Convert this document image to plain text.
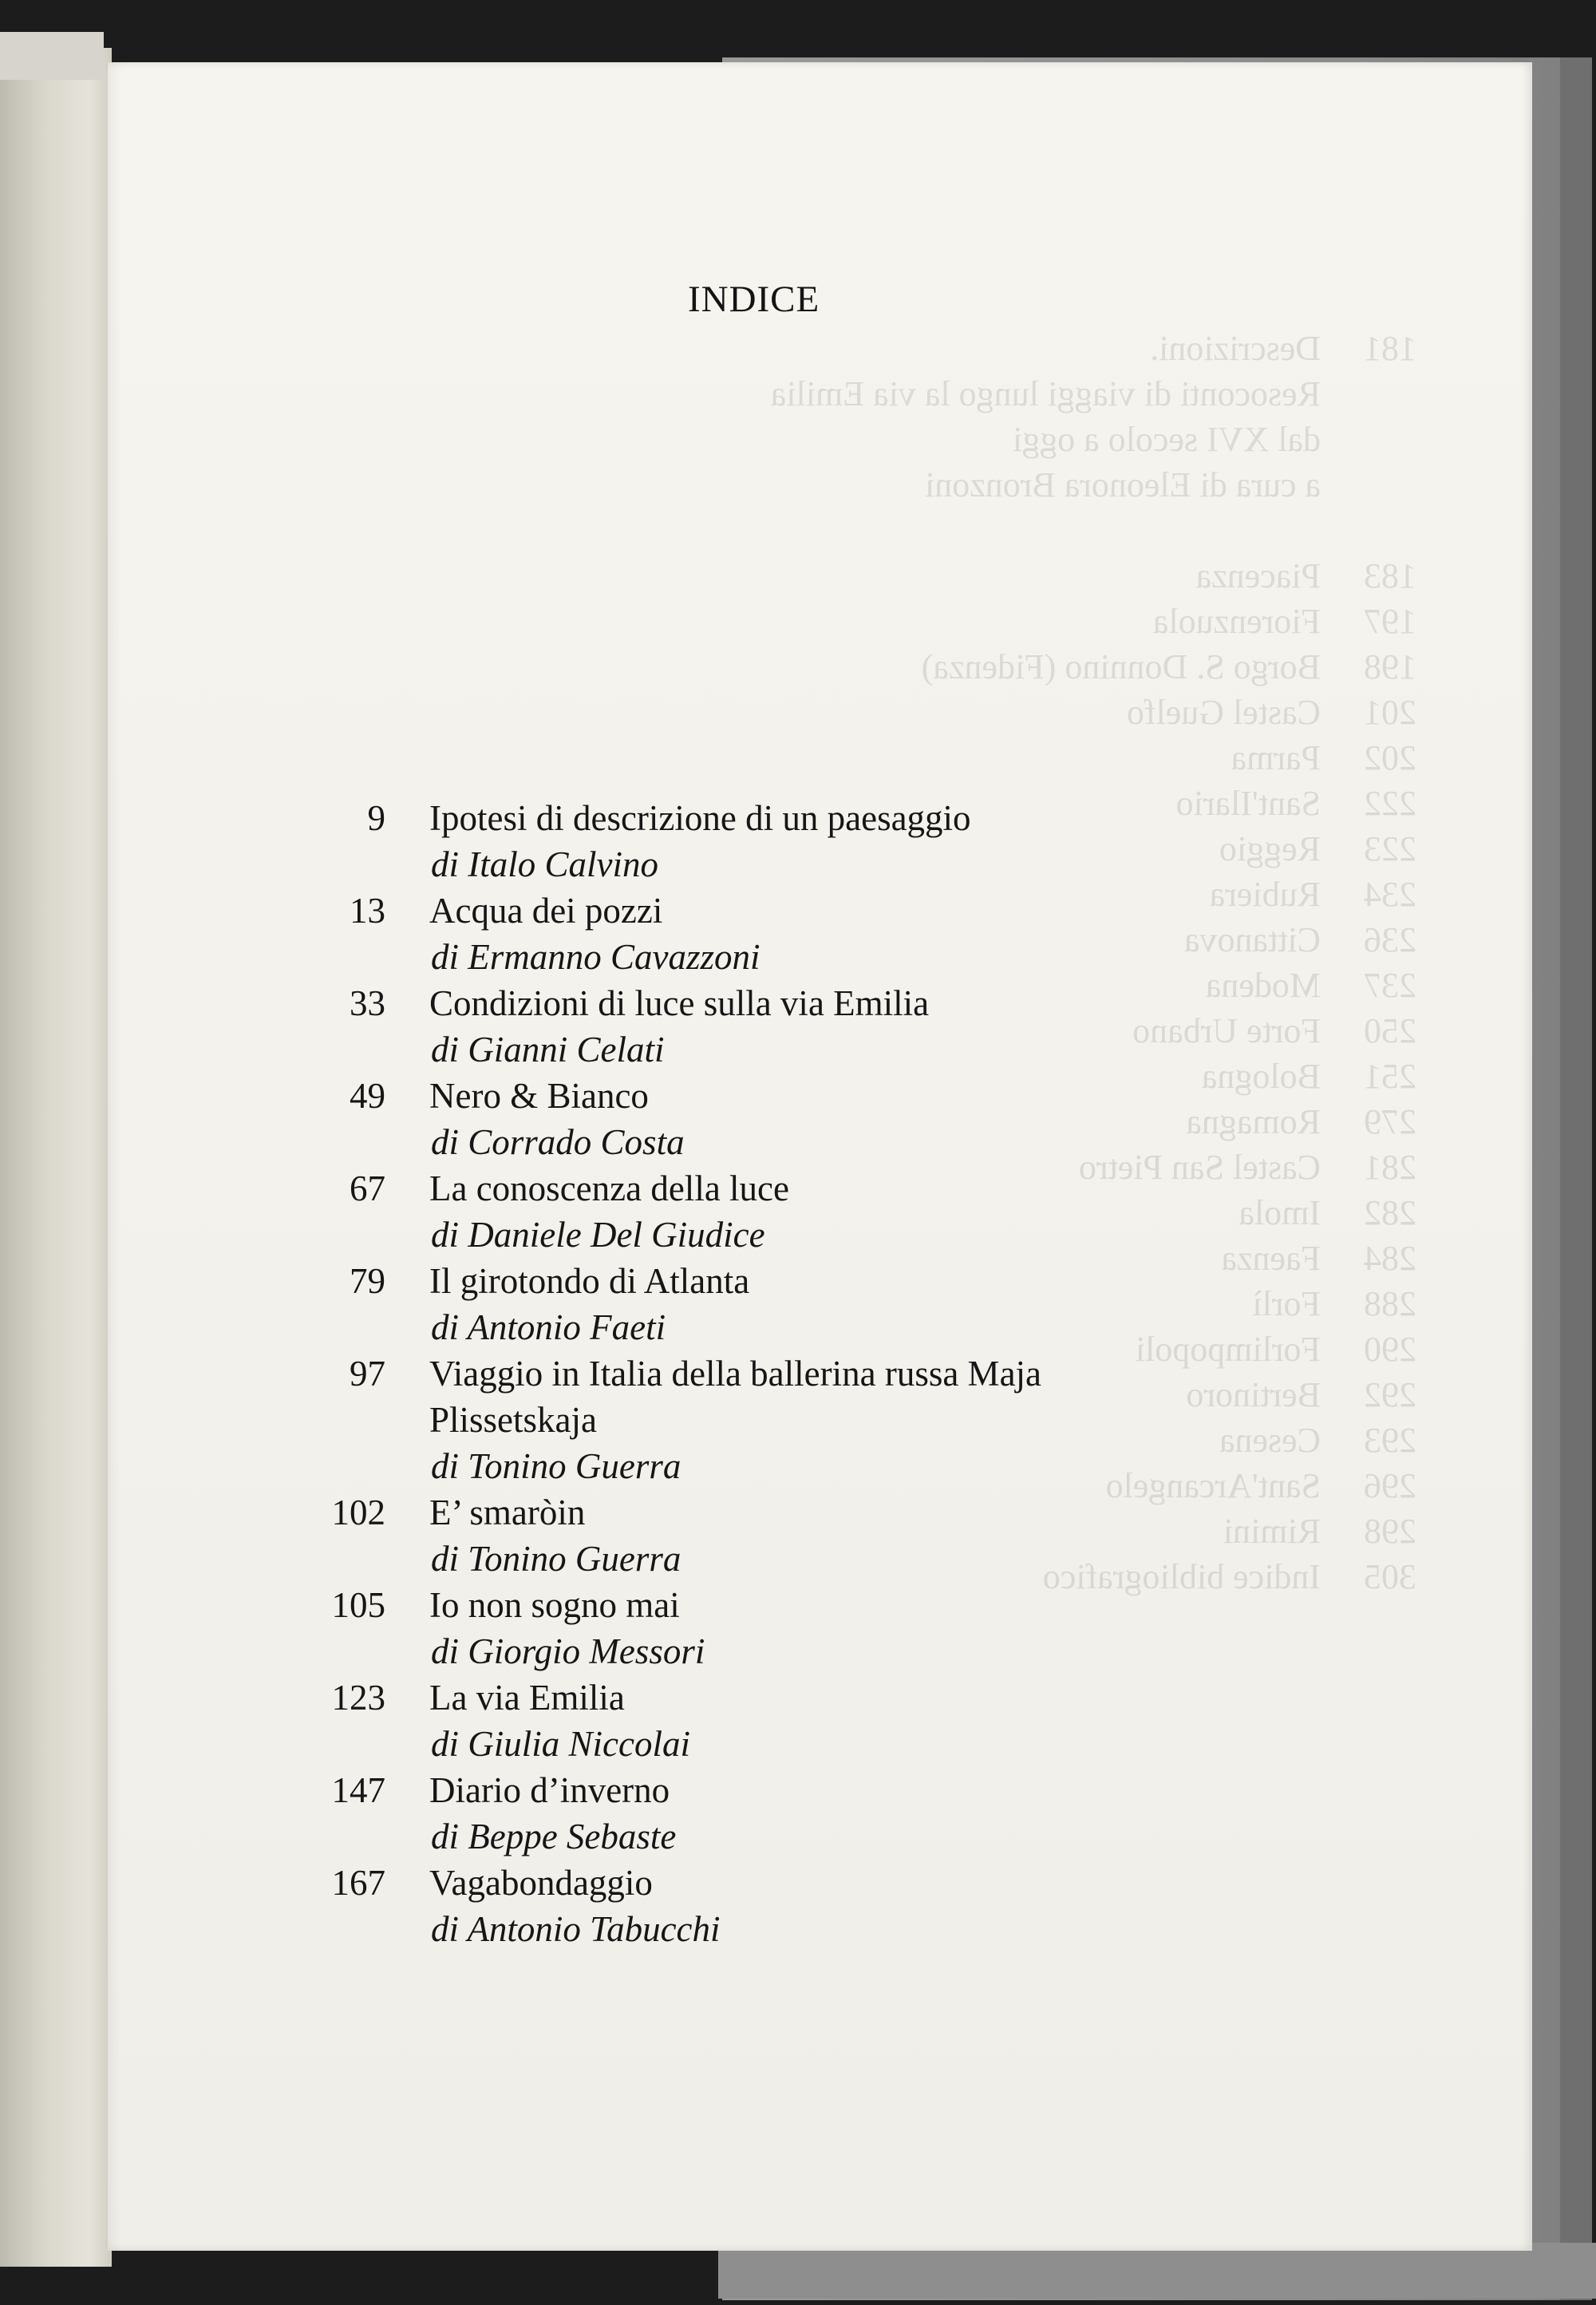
181
Descrizioni.
Resoconti di viaggi lungo la via Emilia
dal XVI secolo a oggi
a cura di Eleonora Bronzoni
183
Piacenza
197
Fiorenzuola
198
Borgo S. Donnino (Fidenza)
201
Castel Guelfo
202
Parma
222
Sant'Ilario
223
Reggio
234
Rubiera
236
Cittanova
237
Modena
250
Forte Urbano
251
Bologna
279
Romagna
281
Castel San Pietro
282
Imola
284
Faenza
288
Forlì
290
Forlimpopoli
292
Bertinoro
293
Cesena
296
Sant'Arcangelo
298
Rimini
305
Indice bibliografico
INDICE
9 Ipotesi di descrizione di un paesaggio
di Italo Calvino
13 Acqua dei pozzi
di Ermanno Cavazzoni
33 Condizioni di luce sulla via Emilia
di Gianni Celati
49 Nero & Bianco
di Corrado Costa
67 La conoscenza della luce
di Daniele Del Giudice
79 Il girotondo di Atlanta
di Antonio Faeti
97 Viaggio in Italia della ballerina russa Maja
Plissetskaja
di Tonino Guerra
102 E’ smaròin
di Tonino Guerra
105 Io non sogno mai
di Giorgio Messori
123 La via Emilia
di Giulia Niccolai
147 Diario d’inverno
di Beppe Sebaste
167 Vagabondaggio
di Antonio Tabucchi
